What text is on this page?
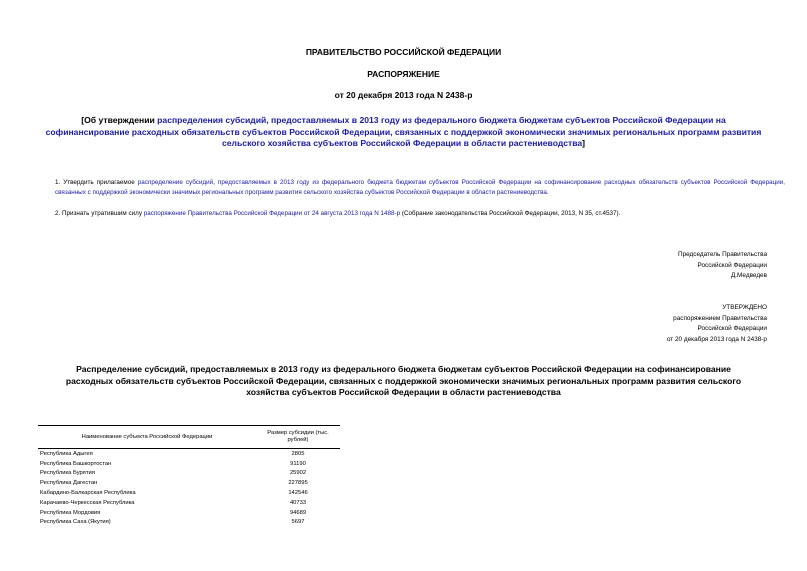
ПРАВИТЕЛЬСТВО РОССИЙСКОЙ ФЕДЕРАЦИИ
РАСПОРЯЖЕНИЕ
от 20 декабря 2013 года N 2438-р
[Об утверждении распределения субсидий, предоставляемых в 2013 году из федерального бюджета бюджетам субъектов Российской Федерации на софинансирование расходных обязательств субъектов Российской Федерации, связанных с поддержкой экономически значимых региональных программ развития сельского хозяйства субъектов Российской Федерации в области растениеводства]
1. Утвердить прилагаемое распределение субсидий, предоставляемых в 2013 году из федерального бюджета бюджетам субъектов Российской Федерации на софинансирование расходных обязательств субъектов Российской Федерации, связанных с поддержкой экономически значимых региональных программ развития сельского хозяйства субъектов Российской Федерации в области растениеводства.
2. Признать утратившим силу распоряжение Правительства Российской Федерации от 24 августа 2013 года N 1488-р (Собрание законодательства Российской Федерации, 2013, N 35, ст.4537).
Председатель Правительства
Российской Федерации
Д.Медведев
УТВЕРЖДЕНО
распоряжением Правительства
Российской Федерации
от 20 декабря 2013 года N 2438-р
Распределение субсидий, предоставляемых в 2013 году из федерального бюджета бюджетам субъектов Российской Федерации на софинансирование расходных обязательств субъектов Российской Федерации, связанных с поддержкой экономически значимых региональных программ развития сельского хозяйства субъектов Российской Федерации в области растениеводства
Наименование субъекта Российской Федерации	Размер субсидии (тыс. рублей)
Республика Адыгея	2805
Республика Башкортостан	91190
Республика Бурятия	25902
Республика Дагестан	227895
Кабардино-Балкарская Республика	142546
Карачаево-Черкесская Республика	40733
Республика Мордовия	94689
Республика Саха (Якутия)	5697
